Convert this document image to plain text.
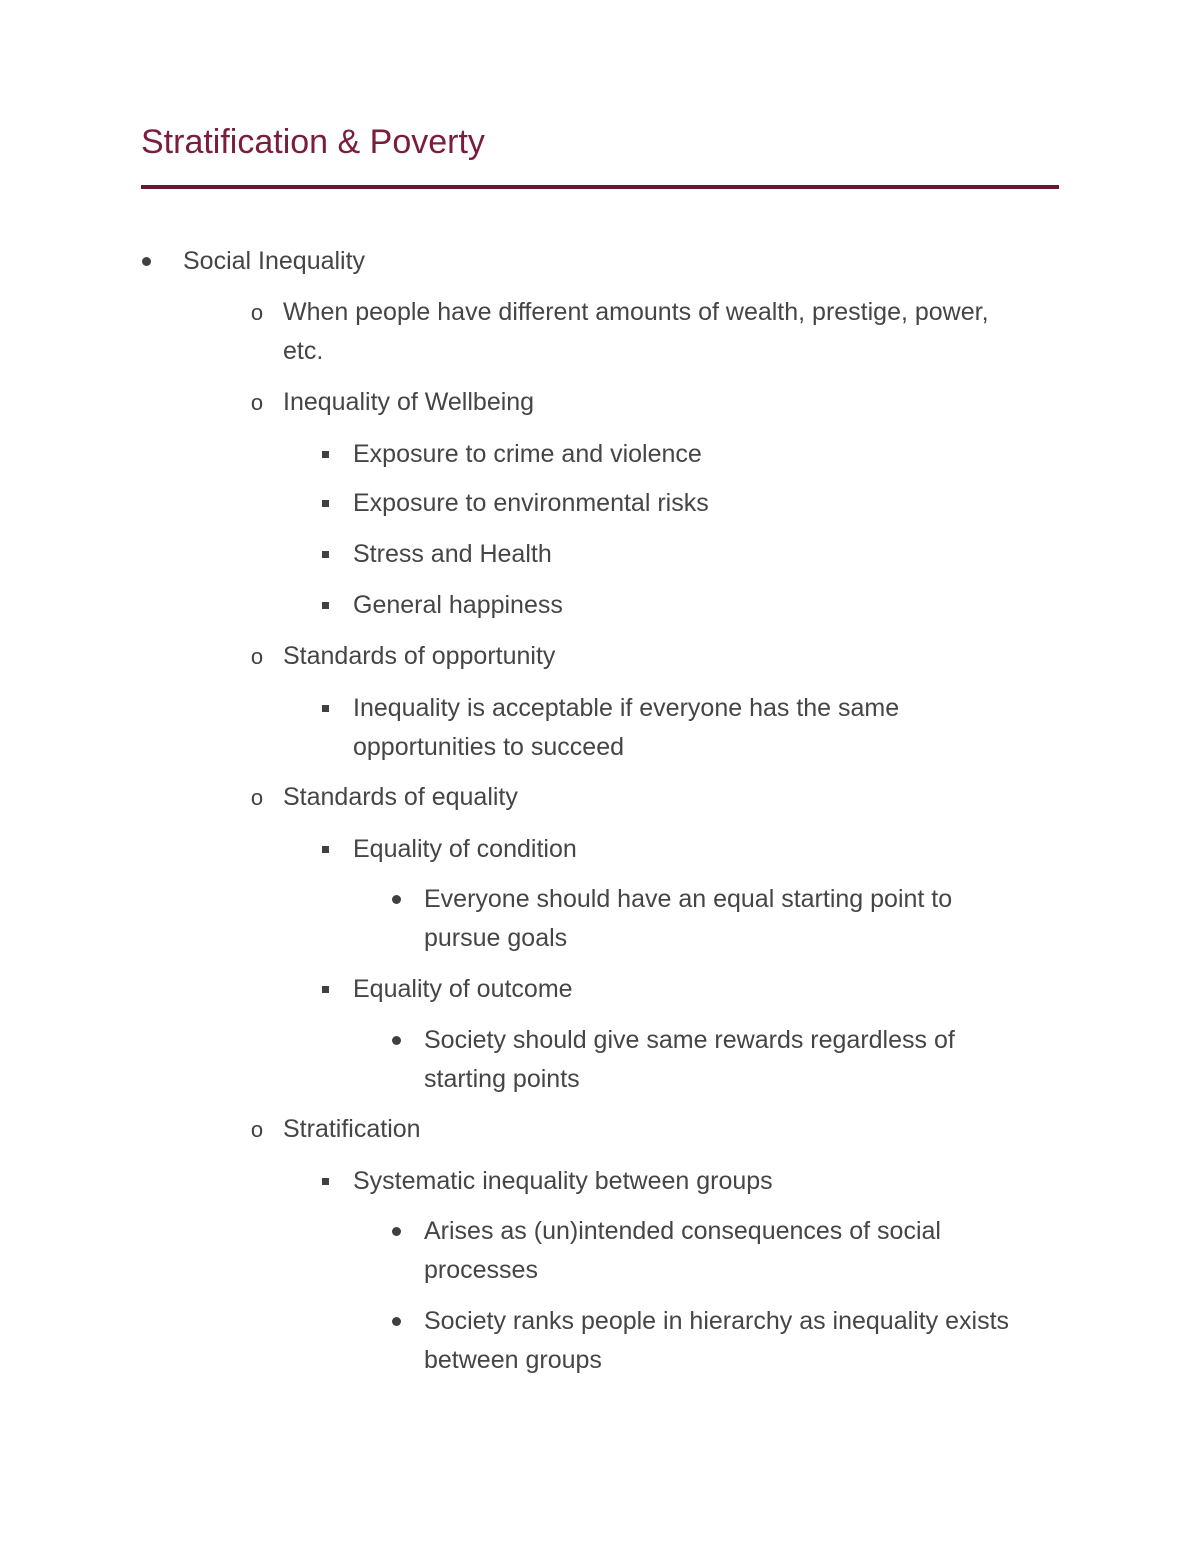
Stratification & Poverty
Social Inequality
o When people have different amounts of wealth, prestige, power,
etc.
o Inequality of Wellbeing
Exposure to crime and violence
Exposure to environmental risks
Stress and Health
General happiness
o Standards of opportunity
Inequality is acceptable if everyone has the same
opportunities to succeed
o Standards of equality
Equality of condition
Everyone should have an equal starting point to
pursue goals
Equality of outcome
Society should give same rewards regardless of
starting points
o Stratification
Systematic inequality between groups
Arises as (un)intended consequences of social
processes
Society ranks people in hierarchy as inequality exists
between groups
